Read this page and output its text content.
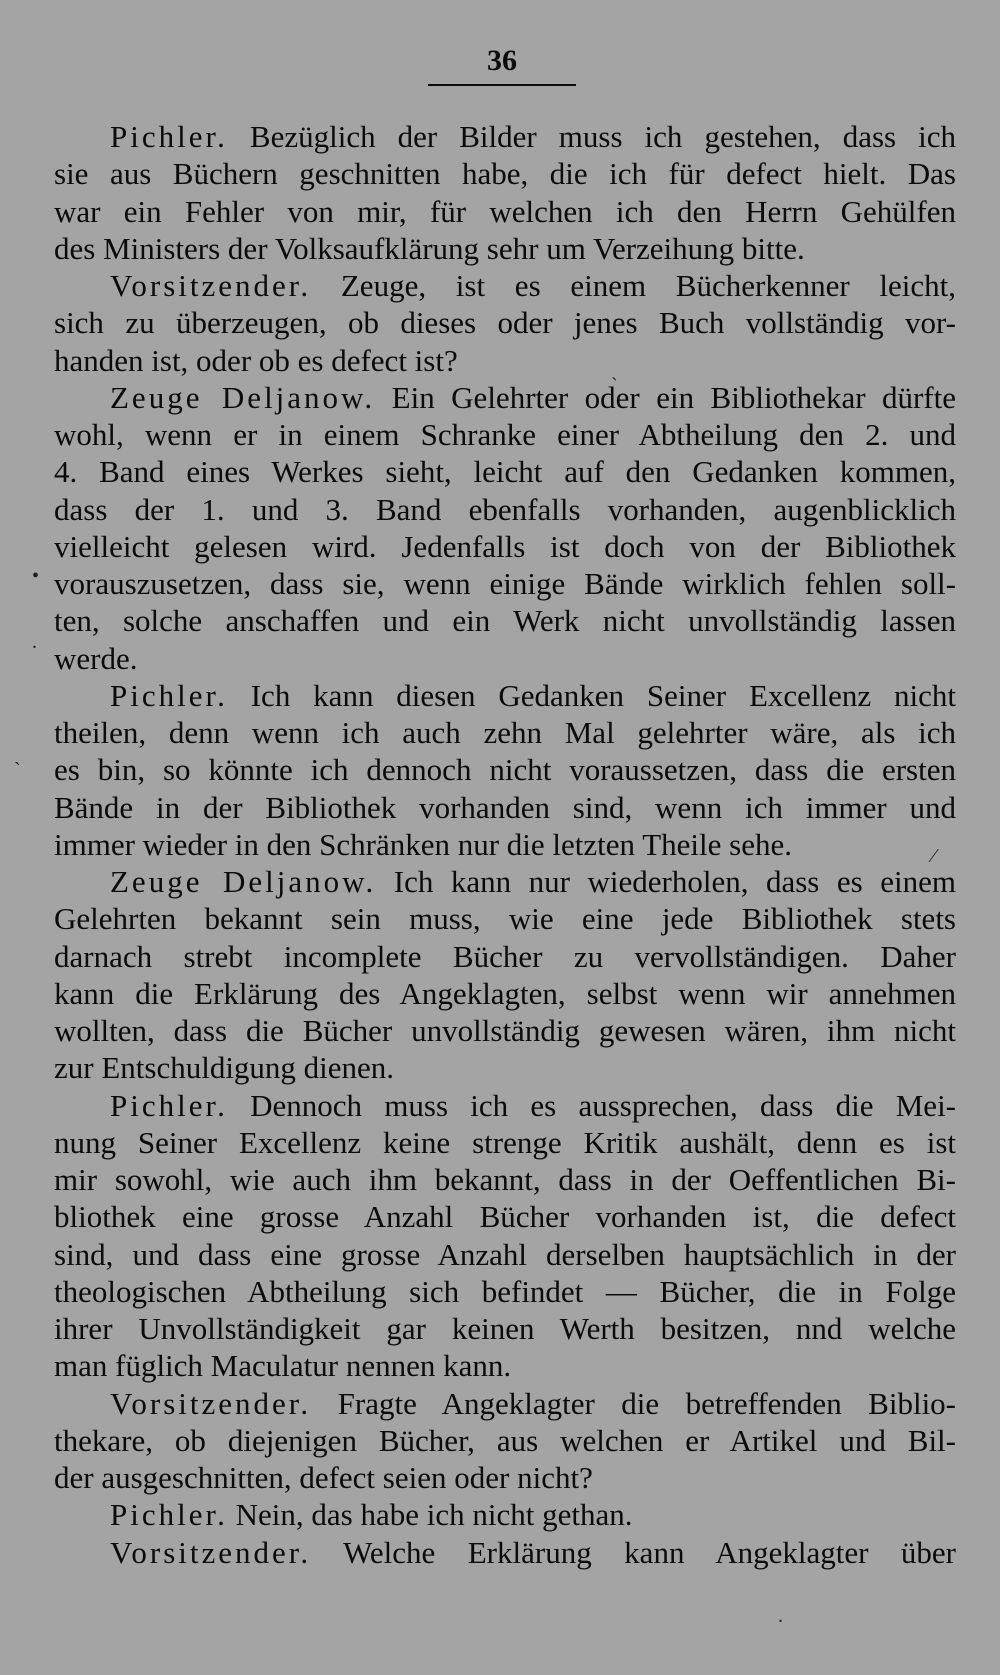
36
Pichler. Bezüglich der Bilder muss ich gestehen, dass ich
sie aus Büchern geschnitten habe, die ich für defect hielt. Das
war ein Fehler von mir, für welchen ich den Herrn Gehülfen
des Ministers der Volksaufklärung sehr um Verzeihung bitte.
Vorsitzender. Zeuge, ist es einem Bücherkenner leicht,
sich zu überzeugen, ob dieses oder jenes Buch vollständig vor-
handen ist, oder ob es defect ist?
Zeuge Deljanow. Ein Gelehrter oder ein Bibliothekar dürfte
wohl, wenn er in einem Schranke einer Abtheilung den 2. und
4. Band eines Werkes sieht, leicht auf den Gedanken kommen,
dass der 1. und 3. Band ebenfalls vorhanden, augenblicklich
vielleicht gelesen wird. Jedenfalls ist doch von der Bibliothek
vorauszusetzen, dass sie, wenn einige Bände wirklich fehlen soll-
ten, solche anschaffen und ein Werk nicht unvollständig lassen
werde.
Pichler. Ich kann diesen Gedanken Seiner Excellenz nicht
theilen, denn wenn ich auch zehn Mal gelehrter wäre, als ich
es bin, so könnte ich dennoch nicht voraussetzen, dass die ersten
Bände in der Bibliothek vorhanden sind, wenn ich immer und
immer wieder in den Schränken nur die letzten Theile sehe.
Zeuge Deljanow. Ich kann nur wiederholen, dass es einem
Gelehrten bekannt sein muss, wie eine jede Bibliothek stets
darnach strebt incomplete Bücher zu vervollständigen. Daher
kann die Erklärung des Angeklagten, selbst wenn wir annehmen
wollten, dass die Bücher unvollständig gewesen wären, ihm nicht
zur Entschuldigung dienen.
Pichler. Dennoch muss ich es aussprechen, dass die Mei-
nung Seiner Excellenz keine strenge Kritik aushält, denn es ist
mir sowohl, wie auch ihm bekannt, dass in der Oeffentlichen Bi-
bliothek eine grosse Anzahl Bücher vorhanden ist, die defect
sind, und dass eine grosse Anzahl derselben hauptsächlich in der
theologischen Abtheilung sich befindet — Bücher, die in Folge
ihrer Unvollständigkeit gar keinen Werth besitzen, nnd welche
man füglich Maculatur nennen kann.
Vorsitzender. Fragte Angeklagter die betreffenden Biblio-
thekare, ob diejenigen Bücher, aus welchen er Artikel und Bil-
der ausgeschnitten, defect seien oder nicht?
Pichler. Nein, das habe ich nicht gethan.
Vorsitzender. Welche Erklärung kann Angeklagter über
ˎ
•
.
ˋ
⁄
.
